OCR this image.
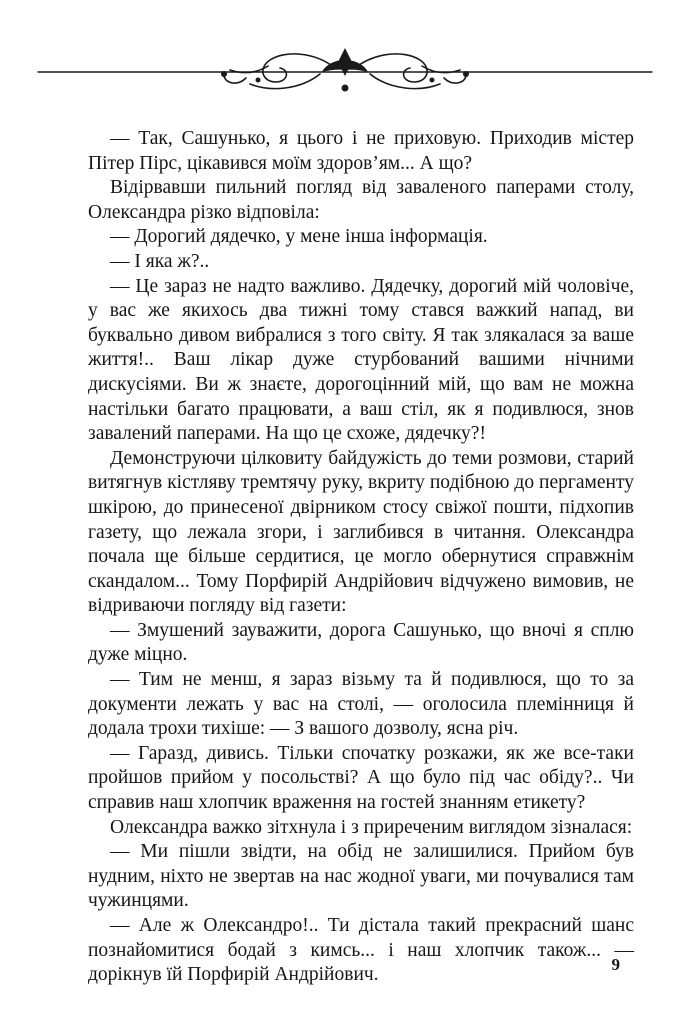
— Так, Сашунько, я цього і не приховую. Приходив містер Пітер Пірс, цікавився моїм здоров’ям... А що?

Відірвавши пильний погляд від заваленого паперами столу, Олександра різко відповіла:

— Дорогий дядечко, у мене інша інформація.

— І яка ж?..

— Це зараз не надто важливо. Дядечку, дорогий мій чоловіче, у вас же якихось два тижні тому стався важкий напад, ви буквально дивом вибралися з того світу. Я так злякалася за ваше життя!.. Ваш лікар дуже стурбований вашими нічними дискусіями. Ви ж знаєте, дорогоцінний мій, що вам не можна настільки багато працювати, а ваш стіл, як я подивлюся, знов завалений паперами. На що це схоже, дядечку?!

Демонструючи цілковиту байдужість до теми розмови, старий витягнув кістляву тремтячу руку, вкриту подібною до пергаменту шкірою, до принесеної двірником стосу свіжої пошти, підхопив газету, що лежала згори, і заглибився в читання. Олександра почала ще більше сердитися, це могло обернутися справжнім скандалом... Тому Порфирій Андрійович відчужено вимовив, не відриваючи погляду від газети:

— Змушений зауважити, дорога Сашунько, що вночі я сплю дуже міцно.

— Тим не менш, я зараз візьму та й подивлюся, що то за документи лежать у вас на столі, — оголосила племінниця й додала трохи тихіше: — З вашого дозволу, ясна річ.

— Гаразд, дивись. Тільки спочатку розкажи, як же все-таки пройшов прийом у посольстві? А що було під час обіду?.. Чи справив наш хлопчик враження на гостей знанням етикету?

Олександра важко зітхнула і з приреченим виглядом зізналася:

— Ми пішли звідти, на обід не залишилися. Прийом був нудним, ніхто не звертав на нас жодної уваги, ми почувалися там чужинцями.

— Але ж Олександро!.. Ти дістала такий прекрасний шанс познайомитися бодай з кимсь... і наш хлопчик також... — дорікнув їй Порфирій Андрійович.	9
